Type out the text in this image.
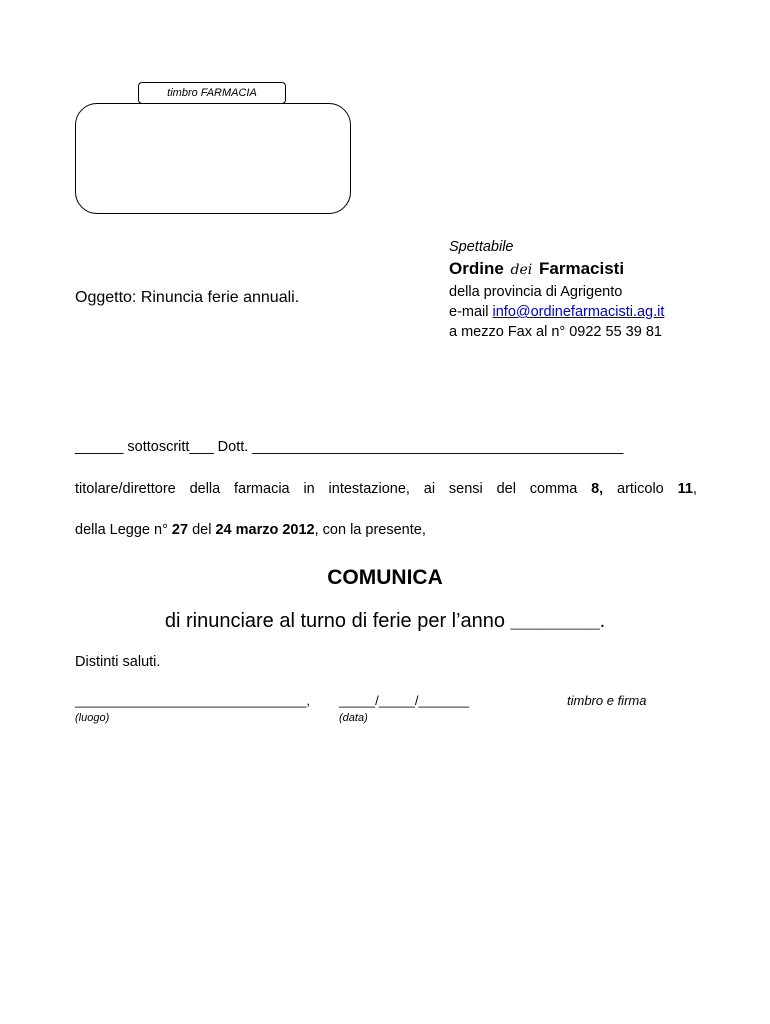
timbro FARMACIA
Spettabile
Ordine dei Farmacisti
della provincia di Agrigento
e-mail info@ordinefarmacisti.ag.it
a mezzo Fax al n° 0922 55 39 81
Oggetto: Rinuncia ferie annuali.
______ sottoscritt___ Dott. ______________________________________________
titolare/direttore della farmacia in intestazione, ai sensi del comma 8, articolo 11,
della Legge n° 27 del 24 marzo 2012, con la presente,
COMUNICA
di rinunciare al turno di ferie per l’anno ________.
Distinti saluti.
________________________________, _____/_____/_______	timbro e firma
(luogo)	(data)
